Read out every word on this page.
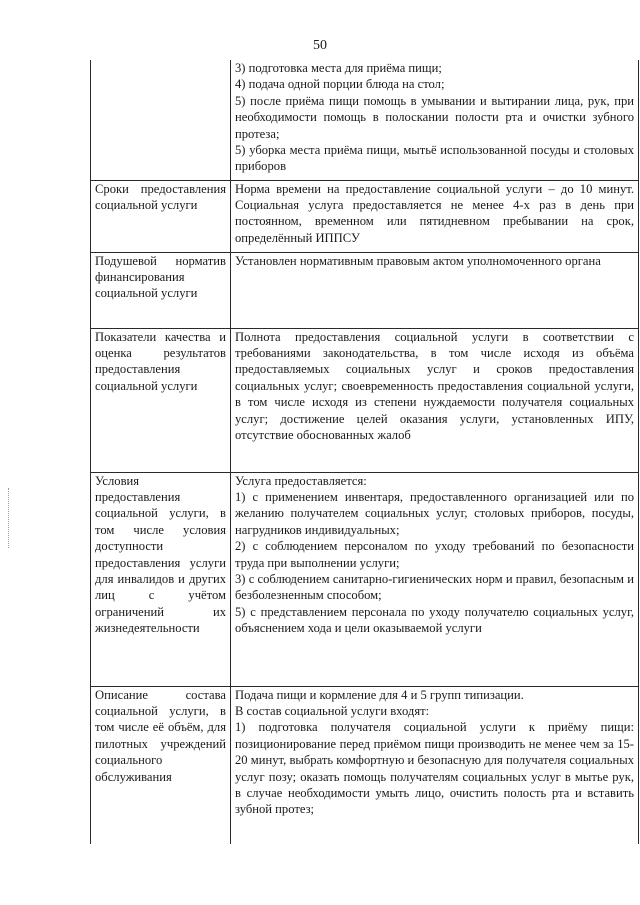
50

	3) подготовка места для приёма пищи;

4) подача одной порции блюда на стол;

5) после приёма пищи помощь в умывании и вытирании лица, рук, при необходимости помощь в полоскании полости рта и очистки зубного протеза;

5) уборка места приёма пищи, мытьё использованной посуды и столовых приборов

Сроки предоставления социальной услуги	Норма времени на предоставление социальной услуги – до 10 минут. Социальная услуга предоставляется не менее 4-х раз в день при постоянном, временном или пятидневном пребывании на срок, определённый ИППСУ

Подушевой норматив финансирования социальной услуги	Установлен нормативным правовым актом уполномоченного органа

Показатели качества и оценка результатов предоставления социальной услуги	Полнота предоставления социальной услуги в соответствии с требованиями законодательства, в том числе исходя из объёма предоставляемых социальных услуг и сроков предоставления социальных услуг; своевременность предоставления социальной услуги, в том числе исходя из степени нуждаемости получателя социальных услуг; достижение целей оказания услуги, установленных ИПУ, отсутствие обоснованных жалоб

Условия предоставления социальной услуги, в том числе условия доступности предоставления услуги для инвалидов и других лиц с учётом ограничений их жизнедеятельности	Услуга предоставляется:

1) с применением инвентаря, предоставленного организацией или по желанию получателем социальных услуг, столовых приборов, посуды, нагрудников индивидуальных;

2) с соблюдением персоналом по уходу требований по безопасности труда при выполнении услуги;

3) с соблюдением санитарно-гигиенических норм и правил, безопасным и безболезненным способом;

5) с представлением персонала по уходу получателю социальных услуг, объяснением хода и цели оказываемой услуги

Описание состава социальной услуги, в том числе её объём, для пилотных учреждений социального обслуживания	Подача пищи и кормление для 4 и 5 групп типизации.

В состав социальной услуги входят:

1) подготовка получателя социальной услуги к приёму пищи: позиционирование перед приёмом пищи производить не менее чем за 15-20 минут, выбрать комфортную и безопасную для получателя социальных услуг позу; оказать помощь получателям социальных услуг в мытье рук, в случае необходимости умыть лицо, очистить полость рта и вставить зубной протез;
